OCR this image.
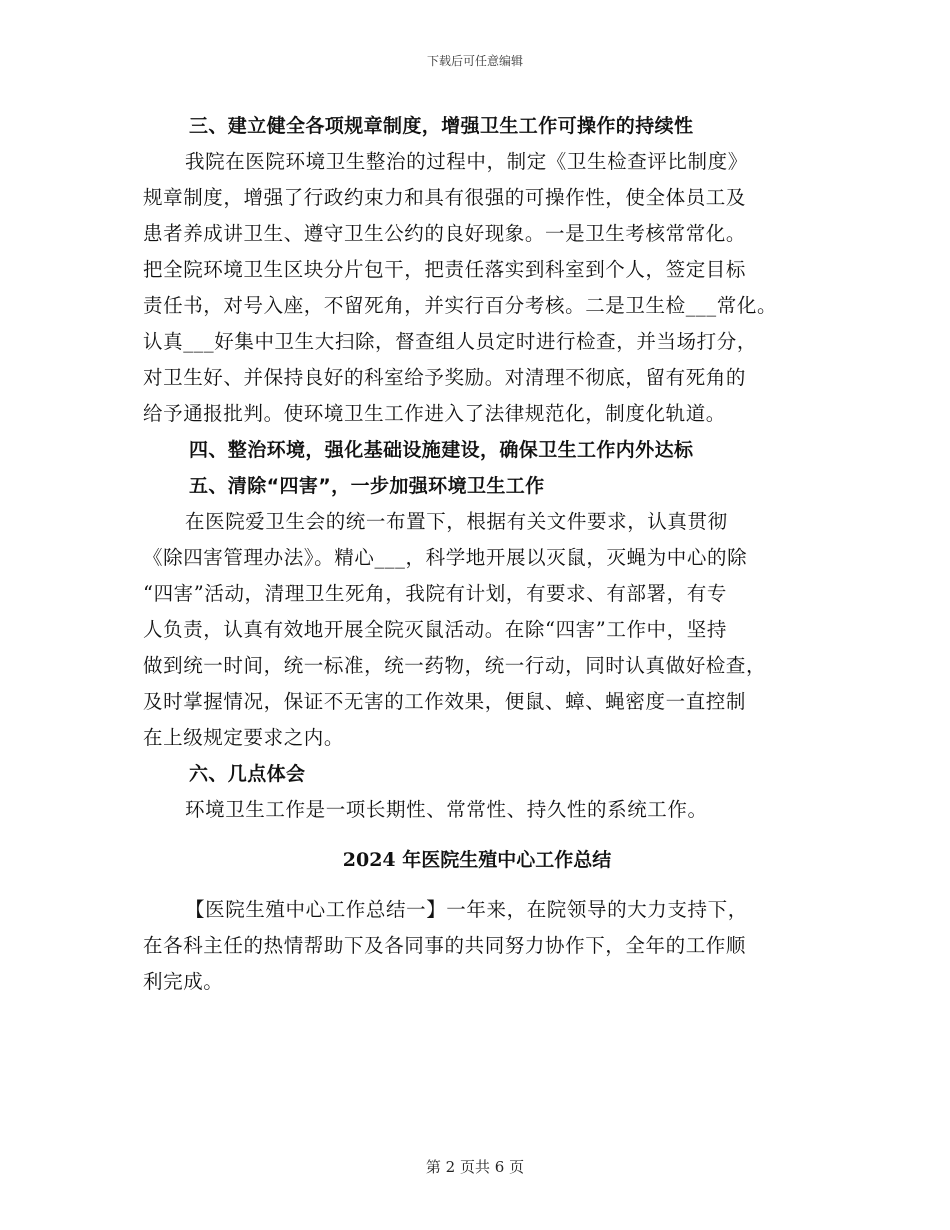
下载后可任意编辑
三、建立健全各项规章制度，增强卫生工作可操作的持续性
我院在医院环境卫生整治的过程中，制定《卫生检查评比制度》
规章制度，增强了行政约束力和具有很强的可操作性，使全体员工及
患者养成讲卫生、遵守卫生公约的良好现象。一是卫生考核常常化。
把全院环境卫生区块分片包干，把责任落实到科室到个人，签定目标
责任书，对号入座，不留死角，并实行百分考核。二是卫生检___常化。
认真___好集中卫生大扫除，督查组人员定时进行检查，并当场打分，
对卫生好、并保持良好的科室给予奖励。对清理不彻底，留有死角的
给予通报批判。使环境卫生工作进入了法律规范化，制度化轨道。
四、整治环境，强化基础设施建设，确保卫生工作内外达标
五、清除“四害”，一步加强环境卫生工作
在医院爱卫生会的统一布置下，根据有关文件要求，认真贯彻
《除四害管理办法》。精心___，科学地开展以灭鼠，灭蝇为中心的除
“四害”活动，清理卫生死角，我院有计划，有要求、有部署，有专
人负责，认真有效地开展全院灭鼠活动。在除“四害”工作中，坚持
做到统一时间，统一标准，统一药物，统一行动，同时认真做好检查，
及时掌握情况，保证不无害的工作效果，便鼠、蟑、蝇密度一直控制
在上级规定要求之内。
六、几点体会
环境卫生工作是一项长期性、常常性、持久性的系统工作。
2024 年医院生殖中心工作总结
【医院生殖中心工作总结一】一年来，在院领导的大力支持下，
在各科主任的热情帮助下及各同事的共同努力协作下，全年的工作顺
利完成。
第 2 页共 6 页
